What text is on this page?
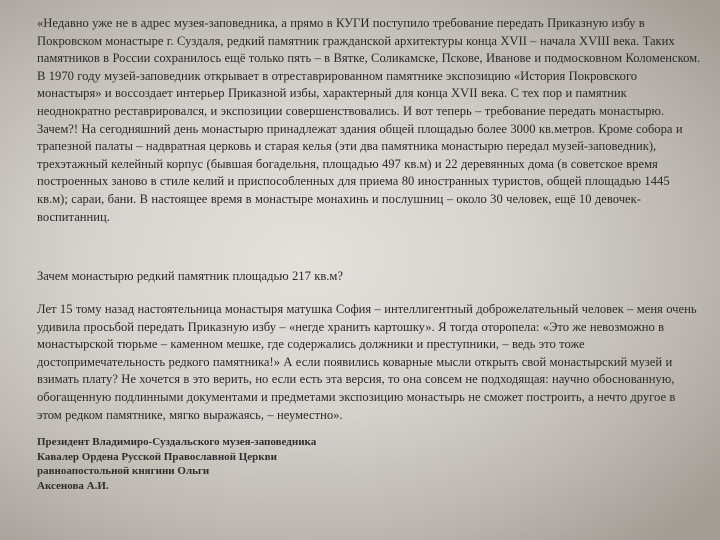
«Недавно уже не в адрес музея-заповедника, а прямо в КУГИ поступило требование передать Приказную избу в Покровском монастыре г. Суздаля, редкий памятник гражданской архитектуры конца XVII – начала XVIII века. Таких памятников в России сохранилось ещё только пять – в Вятке, Соликамске, Пскове, Иванове и подмосковном Коломенском. В 1970 году музей-заповедник открывает в отреставрированном памятнике экспозицию «История Покровского монастыря» и воссоздает интерьер Приказной избы, характерный для конца XVII века. С тех пор и памятник неоднократно реставрировался, и экспозиции совершенствовались. И вот теперь – требование передать монастырю. Зачем?! На сегодняшний день монастырю принадлежат здания общей площадью более 3000 кв.метров. Кроме собора и трапезной палаты – надвратная церковь и старая келья (эти два памятника монастырю передал музей-заповедник), трехэтажный келейный корпус (бывшая богадельня, площадью 497 кв.м) и 22 деревянных дома (в советское время построенных заново в стиле келий и приспособленных для приема 80 иностранных туристов, общей площадью 1445 кв.м); сараи, бани. В настоящее время в монастыре монахинь и послушниц – около 30 человек, ещё 10 девочек-воспитанниц.

Зачем монастырю редкий памятник площадью 217 кв.м?

Лет 15 тому назад настоятельница монастыря матушка София – интеллигентный доброжелательный человек – меня очень удивила просьбой передать Приказную избу – «негде хранить картошку». Я тогда оторопела: «Это же невозможно в монастырской тюрьме – каменном мешке, где содержались должники и преступники, – ведь это тоже достопримечательность редкого памятника!» А если появились коварные мысли открыть свой монастырский музей и взимать плату? Не хочется в это верить, но если есть эта версия, то она совсем не подходящая: научно обоснованную, обогащенную подлинными документами и предметами экспозицию монастырь не сможет построить, а нечто другое в этом редком памятнике, мягко выражаясь, – неуместно».

Президент Владимиро-Суздальского музея-заповедника
Кавалер Ордена Русской Православной Церкви
равноапостольной княгини Ольги
Аксенова А.И.
